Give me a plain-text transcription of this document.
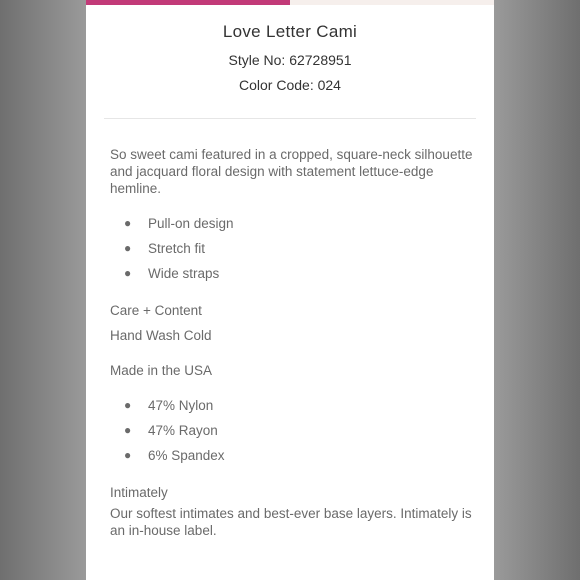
Love Letter Cami
Style No: 62728951
Color Code: 024

So sweet cami featured in a cropped, square-neck silhouette and jacquard floral design with statement lettuce-edge hemline.

● Pull-on design
● Stretch fit
● Wide straps

Care + Content

Hand Wash Cold

Made in the USA

● 47% Nylon
● 47% Rayon
● 6% Spandex

Intimately

Our softest intimates and best-ever base layers. Intimately is an in-house label.
